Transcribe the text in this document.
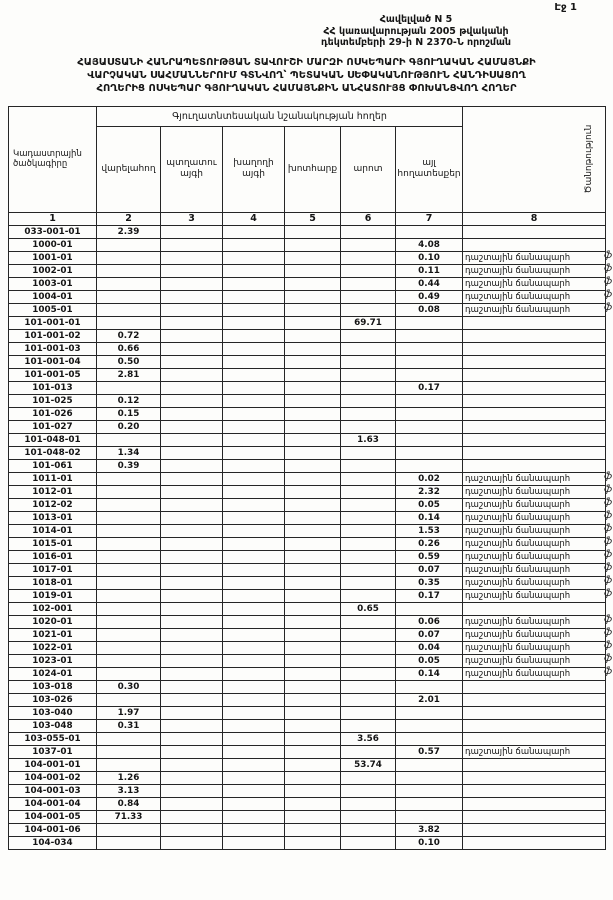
Էջ 1
Հավելված N 5
ՀՀ կառավարության 2005 թվականի
դեկտեմբերի 29-ի N 2370-Ն որոշման
ՀԱՅԱՍՏԱՆԻ ՀԱՆՐԱՊԵՏՈՒԹՅԱՆ ՏԱՎՈՒՇԻ ՄԱՐԶԻ ՈՍԿԵՊԱՐԻ ԳՅՈՒՂԱԿԱՆ ՀԱՄԱՅՆՔԻ
ՎԱՐՉԱԿԱՆ ՍԱՀՄԱՆՆԵՐՈՒՄ ԳՏՆՎՈՂ՝ ՊԵՏԱԿԱՆ ՍԵՓԱԿԱՆՈՒԹՅՈՒՆ ՀԱՆԴԻՍԱՑՈՂ
ՀՈՂԵՐԻՑ ՈՍԿԵՊԱՐ ԳՅՈՒՂԱԿԱՆ ՀԱՄԱՅՆՔԻՆ ԱՆՀԱՏՈՒՅՑ ՓՈԽԱՆՑՎՈՂ ՀՈՂԵՐ
Կադաստրային ծածկագիրը	Գյուղատնտեսական նշանակության հողեր						Ծանոթություն

	վարելահող	պտղատու այգի	խաղողի այգի	խոտհարք	արոտ	այլ հողատեսքեր	
1	2	3	4	5	6	7	8
033-001-01	2.39						
1000-01						4.08	
1001-01						0.10	դաշտային ճանապարհ ֆ

1002-01						0.11	դաշտային ճանապարհ ֆ

1003-01						0.44	դաշտային ճանապարհ ֆ

1004-01						0.49	դաշտային ճանապարհ ֆ

1005-01						0.08	դաշտային ճանապարհ ֆ

101-001-01					69.71		
101-001-02	0.72						
101-001-03	0.66						
101-001-04	0.50						
101-001-05	2.81						
101-013						0.17	
101-025	0.12						
101-026	0.15						
101-027	0.20						
101-048-01					1.63		
101-048-02	1.34						
101-061	0.39						
1011-01						0.02	դաշտային ճանապարհ ֆ

1012-01						2.32	դաշտային ճանապարհ ֆ

1012-02						0.05	դաշտային ճանապարհ ֆ

1013-01						0.14	դաշտային ճանապարհ ֆ

1014-01						1.53	դաշտային ճանապարհ ֆ

1015-01						0.26	դաշտային ճանապարհ ֆ

1016-01						0.59	դաշտային ճանապարհ ֆ

1017-01						0.07	դաշտային ճանապարհ ֆ

1018-01						0.35	դաշտային ճանապարհ ֆ

1019-01						0.17	դաշտային ճանապարհ ֆ

102-001					0.65		
1020-01						0.06	դաշտային ճանապարհ ֆ

1021-01						0.07	դաշտային ճանապարհ ֆ

1022-01						0.04	դաշտային ճանապարհ ֆ

1023-01						0.05	դաշտային ճանապարհ ֆ

1024-01						0.14	դաշտային ճանապարհ ֆ

103-018	0.30						
103-026						2.01	
103-040	1.97						
103-048	0.31						
103-055-01					3.56		
1037-01						0.57	դաշտային ճանապարհ
104-001-01					53.74		
104-001-02	1.26						
104-001-03	3.13						
104-001-04	0.84						
104-001-05	71.33						
104-001-06						3.82	
104-034						0.10	
